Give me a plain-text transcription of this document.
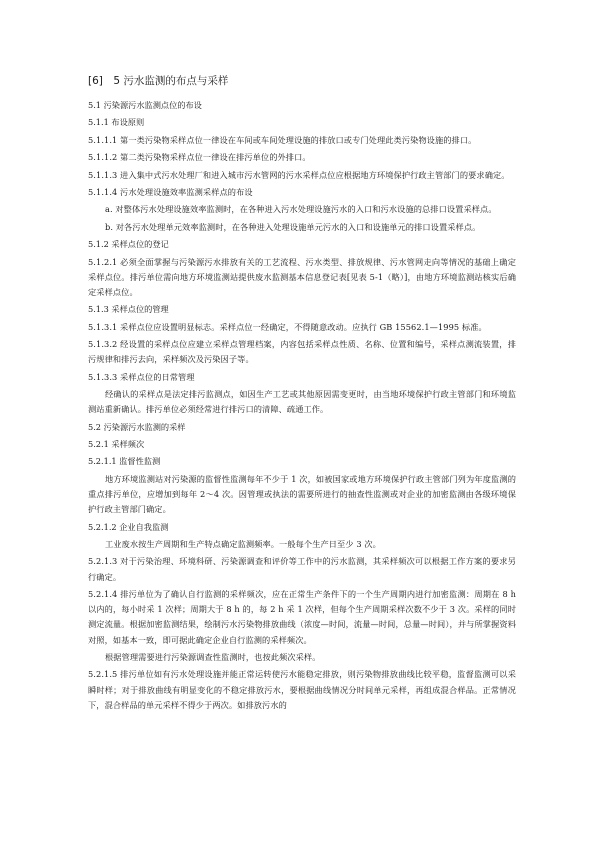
[6]　5 污水监测的布点与采样
5.1 污染源污水监测点位的布设
5.1.1 布设原则
5.1.1.1 第一类污染物采样点位一律设在车间或车间处理设施的排放口或专门处理此类污染物设施的排口。
5.1.1.2 第二类污染物采样点位一律设在排污单位的外排口。
5.1.1.3 进入集中式污水处理厂和进入城市污水管网的污水采样点位应根据地方环境保护行政主管部门的要求确定。
5.1.1.4 污水处理设施效率监测采样点的布设
a. 对整体污水处理设施效率监测时，在各种进入污水处理设施污水的入口和污水设施的总排口设置采样点。
b. 对各污水处理单元效率监测时，在各种进入处理设施单元污水的入口和设施单元的排口设置采样点。
5.1.2 采样点位的登记
5.1.2.1 必须全面掌握与污染源污水排放有关的工艺流程、污水类型、排放规律、污水管网走向等情况的基础上确定采样点位。排污单位需向地方环境监测站提供废水监测基本信息登记表[见表 5-1（略）]，由地方环境监测站核实后确定采样点位。
5.1.3 采样点位的管理
5.1.3.1 采样点位应设置明显标志。采样点位一经确定，不得随意改动。应执行 GB 15562.1—1995 标准。
5.1.3.2 经设置的采样点位应建立采样点管理档案，内容包括采样点性质、名称、位置和编号，采样点测流装置，排污规律和排污去向，采样频次及污染因子等。
5.1.3.3 采样点位的日常管理
经确认的采样点是法定排污监测点，如因生产工艺或其他原因需变更时，由当地环境保护行政主管部门和环境监测站重新确认。排污单位必须经常进行排污口的清障、疏通工作。
5.2 污染源污水监测的采样
5.2.1 采样频次
5.2.1.1 监督性监测
地方环境监测站对污染源的监督性监测每年不少于 1 次，如被国家或地方环境保护行政主管部门列为年度监测的重点排污单位，应增加到每年 2～4 次。因管理或执法的需要所进行的抽查性监测或对企业的加密监测由各级环境保护行政主管部门确定。
5.2.1.2 企业自我监测
工业废水按生产周期和生产特点确定监测频率。一般每个生产日至少 3 次。
5.2.1.3 对于污染治理、环境科研、污染源调查和评价等工作中的污水监测，其采样频次可以根据工作方案的要求另行确定。
5.2.1.4 排污单位为了确认自行监测的采样频次，应在正常生产条件下的一个生产周期内进行加密监测：周期在 8 h 以内的，每小时采 1 次样；周期大于 8 h 的，每 2 h 采 1 次样，但每个生产周期采样次数不少于 3 次。采样的同时测定流量。根据加密监测结果，绘制污水污染物排放曲线（浓度—时间，流量—时间，总量—时间），并与所掌握资料对照，如基本一致，即可据此确定企业自行监测的采样频次。
根据管理需要进行污染源调查性监测时，也按此频次采样。
5.2.1.5 排污单位如有污水处理设施并能正常运转使污水能稳定排放，则污染物排放曲线比较平稳，监督监测可以采瞬时样；对于排放曲线有明显变化的不稳定排放污水，要根据曲线情况分时间单元采样，再组成混合样品。正常情况下，混合样品的单元采样不得少于两次。如排放污水的
